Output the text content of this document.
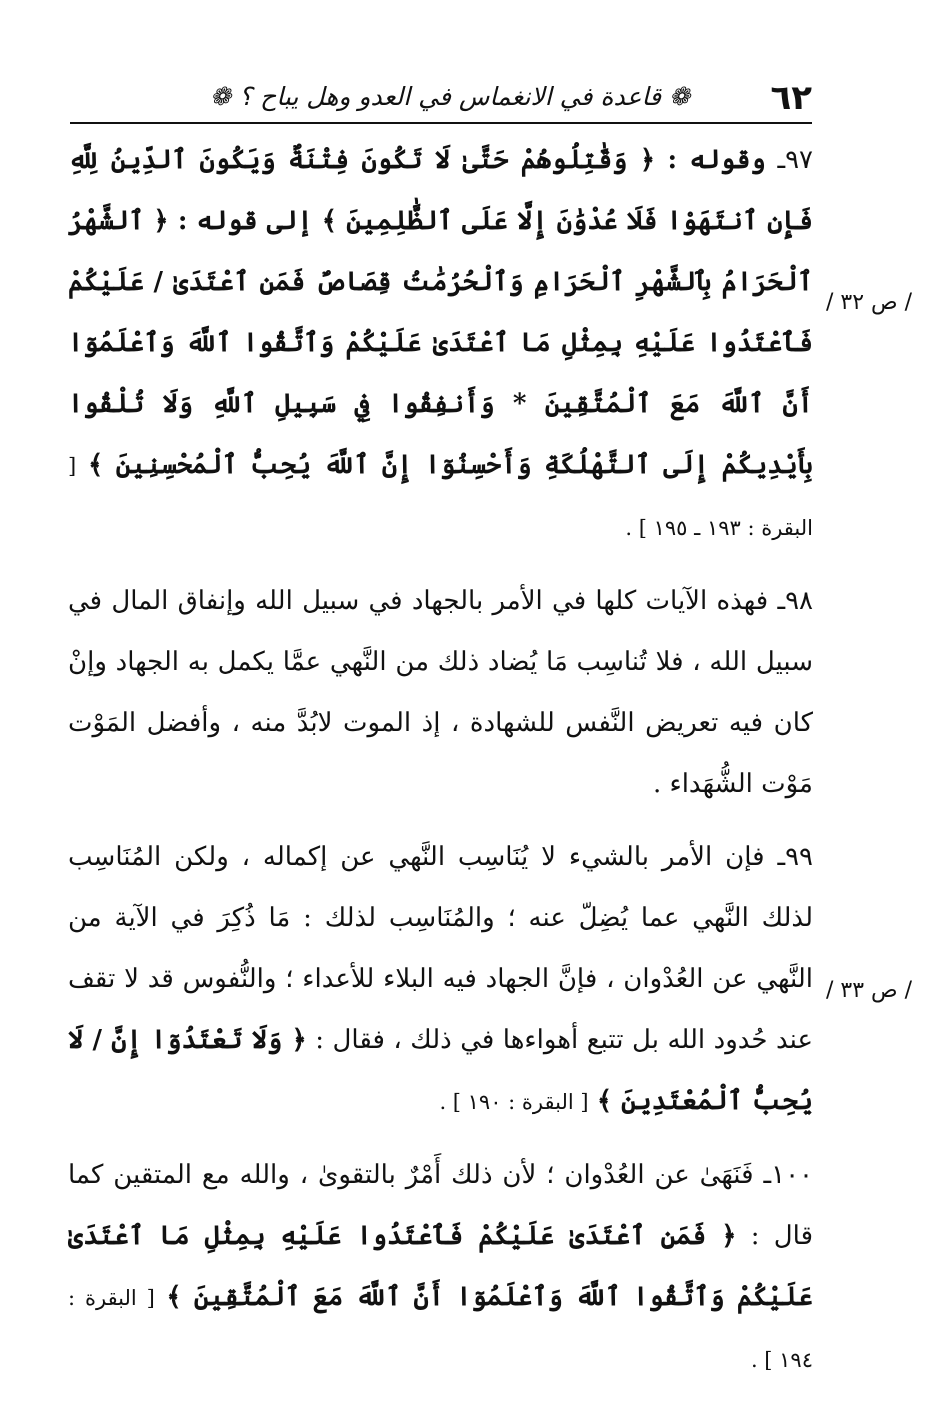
٦٢
❁ قاعدة في الانغماس في العدو وهل يباح ؟ ❁
/ ص ٣٢ /
/ ص ٣٣ /

٩٧ـ وقوله : ﴿ وَقَٰتِلُوهُمْ حَتَّىٰ لَا تَكُونَ فِتْنَةٌ وَيَكُونَ ٱلدِّينُ لِلَّهِ فَإِنِ ٱنتَهَوْا فَلَا عُدْوَٰنَ إِلَّا عَلَى ٱلظَّٰلِمِينَ ﴾ إلى قوله : ﴿ ٱلشَّهْرُ ٱلْحَرَامُ بِٱلشَّهْرِ ٱلْحَرَامِ وَٱلْحُرُمَٰتُ قِصَاصٌ فَمَنِ ٱعْتَدَىٰ / عَلَيْكُمْ فَٱعْتَدُوا عَلَيْهِ بِمِثْلِ مَا ٱعْتَدَىٰ عَلَيْكُمْ وَٱتَّقُوا ٱللَّهَ وَٱعْلَمُوٓا أَنَّ ٱللَّهَ مَعَ ٱلْمُتَّقِينَ * وَأَنفِقُوا فِي سَبِيلِ ٱللَّهِ وَلَا تُلْقُوا بِأَيْدِيكُمْ إِلَى ٱلتَّهْلُكَةِ وَأَحْسِنُوٓا إِنَّ ٱللَّهَ يُحِبُّ ٱلْمُحْسِنِينَ ﴾ [ البقرة : ١٩٣ ـ ١٩٥ ] .

٩٨ـ فهذه الآيات كلها في الأمر بالجهاد في سبيل الله وإنفاق المال في سبيل الله ، فلا تُناسِب مَا يُضاد ذلك من النَّهي عمَّا يكمل به الجهاد وإنْ كان فيه تعريض النَّفس للشهادة ، إذ الموت لابُدَّ منه ، وأفضل المَوْت مَوْت الشُّهَداء .

٩٩ـ فإن الأمر بالشيء لا يُنَاسِب النَّهي عن إكماله ، ولكن المُنَاسِب لذلك النَّهي عما يُضِلّ عنه ؛ والمُنَاسِب لذلك : مَا ذُكِرَ في الآية من النَّهي عن العُدْوان ، فإنَّ الجهاد فيه البلاء للأعداء ؛ والنُّفوس قد لا تقف عند حُدود الله بل تتبع أهواءها في ذلك ، فقال : ﴿ وَلَا تَعْتَدُوٓا إِنَّ / لَا يُحِبُّ ٱلْمُعْتَدِينَ ﴾ [ البقرة : ١٩٠ ] .

١٠٠ـ فَنَهَىٰ عن العُدْوان ؛ لأن ذلك أَمْرٌ بالتقوىٰ ، والله مع المتقين كما قال : ﴿ فَمَنِ ٱعْتَدَىٰ عَلَيْكُمْ فَٱعْتَدُوا عَلَيْهِ بِمِثْلِ مَا ٱعْتَدَىٰ عَلَيْكُمْ وَٱتَّقُوا ٱللَّهَ وَٱعْلَمُوٓا أَنَّ ٱللَّهَ مَعَ ٱلْمُتَّقِينَ ﴾ [ البقرة : ١٩٤ ] .
